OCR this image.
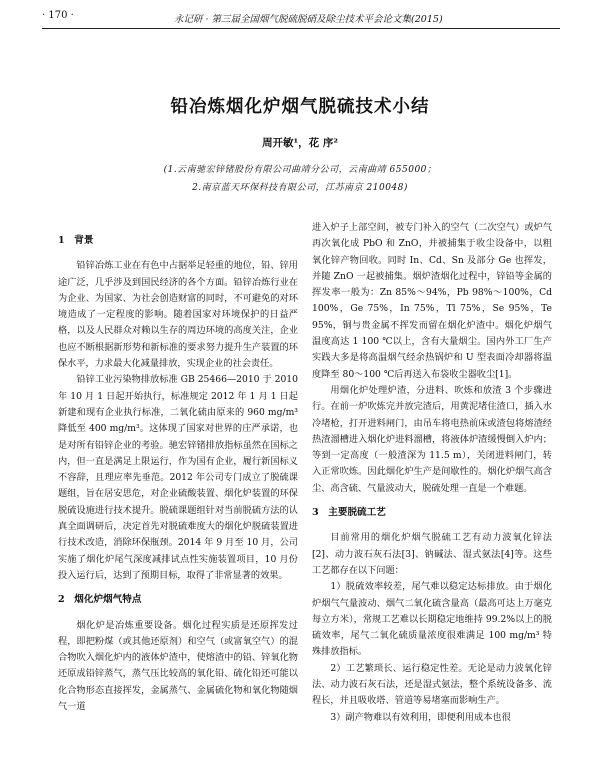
· 170 ·	永记研 · 第三届全国烟气脱硫脱硝及除尘技术平会论文集(2015)
铅冶炼烟化炉烟气脱硫技术小结
周开敏¹，花 序²
(1.云南驰宏锌锗股份有限公司曲靖分公司，云南曲靖 655000；
2.南京蓝天环保科技有限公司，江苏南京 210048)
1　背景

铅锌冶炼工业在有色中占据举足轻重的地位，铅、锌用途广泛，几乎涉及到国民经济的各个方面。铅锌冶炼行业在为企业、为国家、为社会创造财富的同时，不可避免的对环境造成了一定程度的影响。随着国家对环境保护的日益严格，以及人民群众对赖以生存的周边环境的高度关注，企业也应不断根据新形势和新标准的要求努力提升生产装置的环保水平，力求最大化减量排放，实现企业的社会责任。

铅锌工业污染物排放标准 GB 25466—2010 于 2010 年 10 月 1 日起开始执行，标准规定 2012 年 1 月 1 日起新建和现有企业执行标准，二氧化硫由原来的 960 mg/m³ 降低至 400 mg/m³。这体现了国家对世界的庄严承诺，也是对所有铅锌企业的考验。驰宏锌锗排放指标虽然在国标之内，但一直是满足上限运行，作为国有企业，履行新国标义不容辞，且理应率先垂范。2012 年公司专门成立了脱硫课题组，旨在居安思危，对企业硫酸装置、烟化炉装置的环保脱硫设施进行技术提升。脱硫课题组针对当前脱硫方法的认真全面调研后，决定首先对脱硫难度大的烟化炉脱硫装置进行技术改造，消除环保瓶颈。2014 年 9 月至 10 月，公司实施了烟化炉尾气深度减排试点性实施装置项目，10 月份投入运行后，达到了预期目标，取得了非常显著的效果。

2　烟化炉烟气特点

烟化炉是冶炼重要设备。烟化过程实质是还原挥发过程，即把粉煤（或其他还原剂）和空气（或富氧空气）的混合物吹入烟化炉内的液体炉渣中，使熔渣中的铅、锌氧化物还原成铅锌蒸气，蒸气压比较高的氧化铅、硫化铅还可能以化合物形态直接挥发，金属蒸气、金属硫化物和氧化物随烟气一道

进入炉子上部空间，被专门补入的空气（二次空气）或炉气再次氧化成 PbO 和 ZnO，并被捕集于收尘设备中，以粗氧化锌产物回收。同时 In、Cd、Sn 及部分 Ge 也挥发，并随 ZnO 一起被捕集。烟炉渣烟化过程中，锌铅等金属的挥发率一般为：Zn 85%～94%，Pb 98%～100%，Cd 100%，Ge 75%，In 75%，Tl 75%，Se 95%，Te 95%，铜与贵金属不挥发而留在烟化炉渣中。烟化炉烟气温度高达 1 100 ℃以上，含有大量烟尘。国内外工厂生产实践大多是将高温烟气经余热锅炉和 U 型表面冷却器将温度降至 80～100 ℃后再送入布袋收尘器收尘[1]。

用烟化炉处理炉渣，分进料、吹炼和放渣 3 个步骤进行。在前一炉吹炼完并放完渣后，用黄泥堵住渣口，插入水冷堵枪，打开进料闸门，由吊车将电热前床或渣包将熔渣经热渣溜槽进入烟化炉进料溜槽，将液体炉渣缓慢倒入炉内；等到一定高度（一般渣深为 11.5 m），关闭进料闸门，转入正常吹炼。因此烟化炉生产是间歇性的。烟化炉烟气高含尘、高含硫、气量波动大，脱硫处理一直是一个难题。

3　主要脱硫工艺

目前常用的烟化炉烟气脱硫工艺有动力波氧化锌法[2]、动力波石灰石法[3]、钠碱法、湿式氨法[4]等。这些工艺都存在以下问题：

1）脱硫效率较差，尾气难以稳定达标排放。由于烟化炉烟气气量波动、烟气二氧化硫含量高（最高可达上万毫克每立方米），常规工艺难以长期稳定地维持 99.2%以上的脱硫效率，尾气二氧化硫质量浓度很难满足 100 mg/m³ 特殊排放指标。

2）工艺繁琐长、运行稳定性差。无论是动力波氧化锌法、动力波石灰石法，还是湿式氨法，整个系统设备多、流程长，并且吸收塔、管道等易堵塞而影响生产。

3）副产物难以有效利用，即便利用成本也很
